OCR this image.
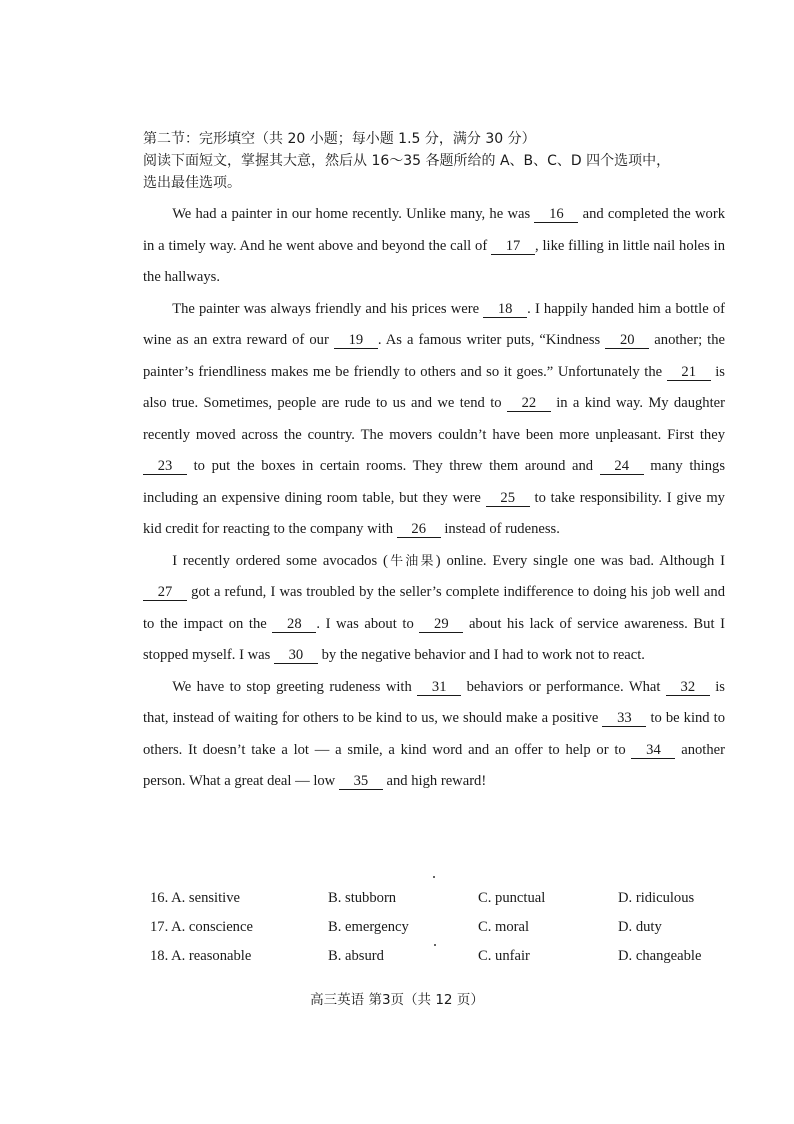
第二节：完形填空（共 20 小题；每小题 1.5 分，满分 30 分）
阅读下面短文，掌握其大意，然后从 16～35 各题所给的 A、B、C、D 四个选项中，
选出最佳选项。

We had a painter in our home recently. Unlike many, he was 16 and completed the work in a timely way. And he went above and beyond the call of 17 , like filling in little nail holes in the hallways.

The painter was always friendly and his prices were 18 . I happily handed him a bottle of wine as an extra reward of our 19 . As a famous writer puts, “Kindness 20 another; the painter’s friendliness makes me be friendly to others and so it goes.” Unfortunately the 21 is also true. Sometimes, people are rude to us and we tend to 22 in a kind way. My daughter recently moved across the country. The movers couldn’t have been more unpleasant. First they 23 to put the boxes in certain rooms. They threw them around and 24 many things including an expensive dining room table, but they were 25 to take responsibility. I give my kid credit for reacting to the company with 26 instead of rudeness.

I recently ordered some avocados (牛油果) online. Every single one was bad. Although I 27 got a refund, I was troubled by the seller’s complete indifference to doing his job well and to the impact on the 28 . I was about to 29 about his lack of service awareness. But I stopped myself. I was 30 by the negative behavior and I had to work not to react.

We have to stop greeting rudeness with 31 behaviors or performance. What 32 is that, instead of waiting for others to be kind to us, we should make a positive 33 to be kind to others. It doesn’t take a lot — a smile, a kind word and an offer to help or to 34 another person. What a great deal — low 35 and high reward!

16. A. sensitive	B. stubborn	C. punctual	D. ridiculous
17. A. conscience	B. emergency	C. moral	D. duty
18. A. reasonable	B. absurd	C. unfair	D. changeable
高三英语 第3页（共 12 页）
